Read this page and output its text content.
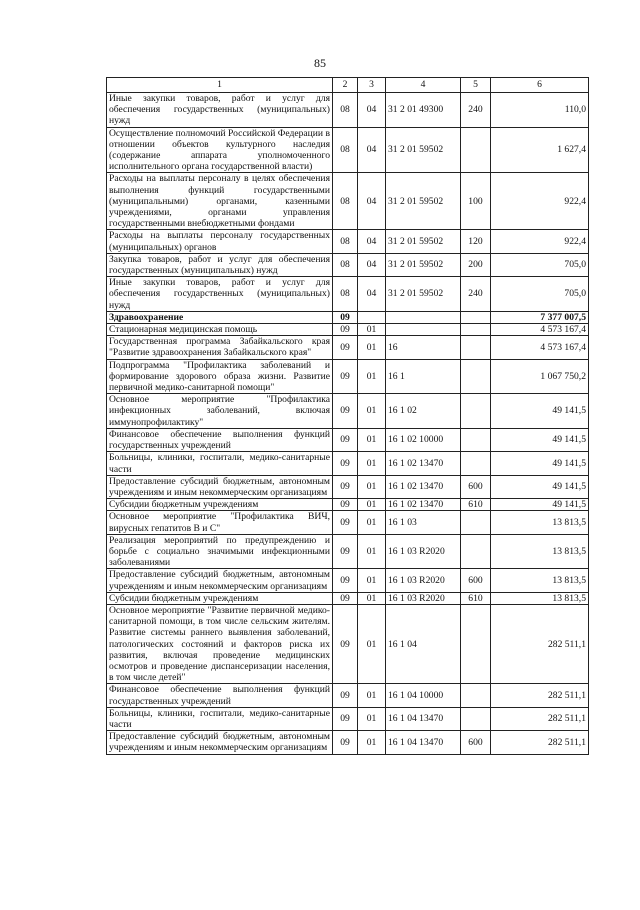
85
1	2	3	4	5	6
Иные закупки товаров, работ и услуг для обеспечения государственных (муниципальных) нужд	08	04	31 2 01 49300	240	110,0
Осуществление полномочий Российской Федерации в отношении объектов культурного наследия (содержание аппарата уполномоченного исполнительного органа государственной власти)	08	04	31 2 01 59502		1 627,4
Расходы на выплаты персоналу в целях обеспечения выполнения функций государственными (муниципальными) органами, казенными учреждениями, органами управления государственными внебюджетными фондами	08	04	31 2 01 59502	100	922,4
Расходы на выплаты персоналу государственных (муниципальных) органов	08	04	31 2 01 59502	120	922,4
Закупка товаров, работ и услуг для обеспечения государственных (муниципальных) нужд	08	04	31 2 01 59502	200	705,0
Иные закупки товаров, работ и услуг для обеспечения государственных (муниципальных) нужд	08	04	31 2 01 59502	240	705,0
Здравоохранение	09				7 377 007,5
Стационарная медицинская помощь	09	01			4 573 167,4
Государственная программа Забайкальского края "Развитие здравоохранения Забайкальского края"	09	01	16		4 573 167,4
Подпрограмма "Профилактика заболеваний и формирование здорового образа жизни. Развитие первичной медико-санитарной помощи"	09	01	16 1		1 067 750,2
Основное мероприятие "Профилактика инфекционных заболеваний, включая иммунопрофилактику"	09	01	16 1 02		49 141,5
Финансовое обеспечение выполнения функций государственных учреждений	09	01	16 1 02 10000		49 141,5
Больницы, клиники, госпитали, медико-санитарные части	09	01	16 1 02 13470		49 141,5
Предоставление субсидий бюджетным, автономным учреждениям и иным некоммерческим организациям	09	01	16 1 02 13470	600	49 141,5
Субсидии бюджетным учреждениям	09	01	16 1 02 13470	610	49 141,5
Основное мероприятие "Профилактика ВИЧ, вирусных гепатитов В и С"	09	01	16 1 03		13 813,5
Реализация мероприятий по предупреждению и борьбе с социально значимыми инфекционными заболеваниями	09	01	16 1 03 R2020		13 813,5
Предоставление субсидий бюджетным, автономным учреждениям и иным некоммерческим организациям	09	01	16 1 03 R2020	600	13 813,5
Субсидии бюджетным учреждениям	09	01	16 1 03 R2020	610	13 813,5
Основное мероприятие "Развитие первичной медико-санитарной помощи, в том числе сельским жителям. Развитие системы раннего выявления заболеваний, патологических состояний и факторов риска их развития, включая проведение медицинских осмотров и проведение диспансеризации населения, в том числе детей"	09	01	16 1 04		282 511,1
Финансовое обеспечение выполнения функций государственных учреждений	09	01	16 1 04 10000		282 511,1
Больницы, клиники, госпитали, медико-санитарные части	09	01	16 1 04 13470		282 511,1
Предоставление субсидий бюджетным, автономным учреждениям и иным некоммерческим организациям	09	01	16 1 04 13470	600	282 511,1
